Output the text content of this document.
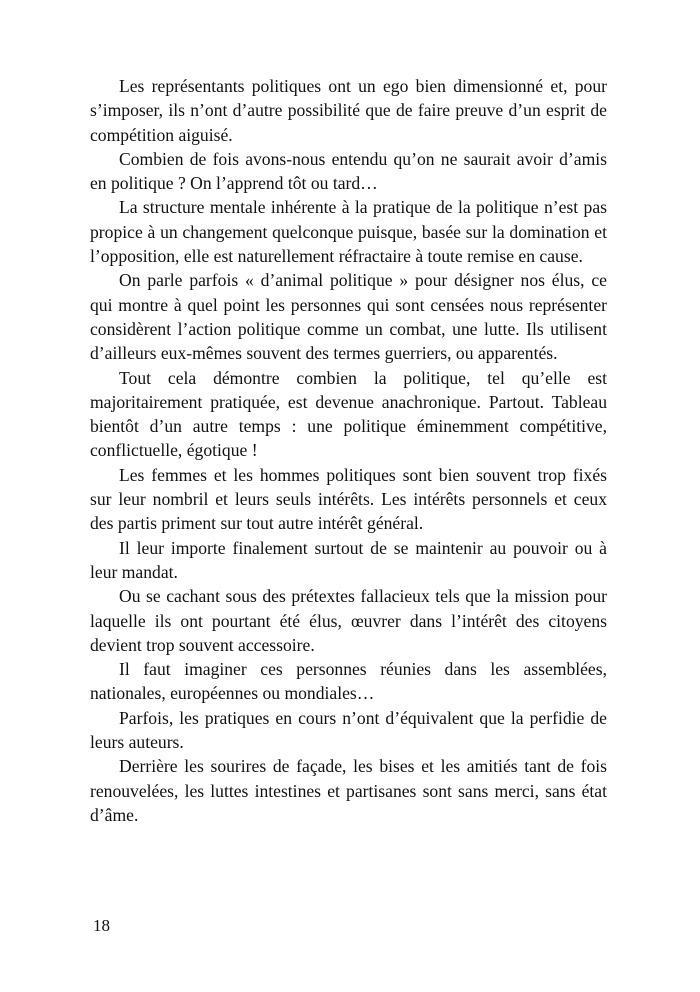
Les représentants politiques ont un ego bien dimensionné et, pour s’imposer, ils n’ont d’autre possibilité que de faire preuve d’un esprit de compétition aiguisé.

Combien de fois avons-nous entendu qu’on ne saurait avoir d’amis en politique ? On l’apprend tôt ou tard…

La structure mentale inhérente à la pratique de la politique n’est pas propice à un changement quelconque puisque, basée sur la domination et l’opposition, elle est naturellement réfractaire à toute remise en cause.

On parle parfois « d’animal politique » pour désigner nos élus, ce qui montre à quel point les personnes qui sont censées nous représenter considèrent l’action politique comme un combat, une lutte. Ils utilisent d’ailleurs eux-mêmes souvent des termes guerriers, ou apparentés.

Tout cela démontre combien la politique, tel qu’elle est majoritairement pratiquée, est devenue anachronique. Partout. Tableau bientôt d’un autre temps : une politique éminemment compétitive, conflictuelle, égotique !

Les femmes et les hommes politiques sont bien souvent trop fixés sur leur nombril et leurs seuls intérêts. Les intérêts personnels et ceux des partis priment sur tout autre intérêt général.

Il leur importe finalement surtout de se maintenir au pouvoir ou à leur mandat.

Ou se cachant sous des prétextes fallacieux tels que la mission pour laquelle ils ont pourtant été élus, œuvrer dans l’intérêt des citoyens devient trop souvent accessoire.

Il faut imaginer ces personnes réunies dans les assemblées, nationales, européennes ou mondiales…

Parfois, les pratiques en cours n’ont d’équivalent que la perfidie de leurs auteurs.

Derrière les sourires de façade, les bises et les amitiés tant de fois renouvelées, les luttes intestines et partisanes sont sans merci, sans état d’âme.

18
